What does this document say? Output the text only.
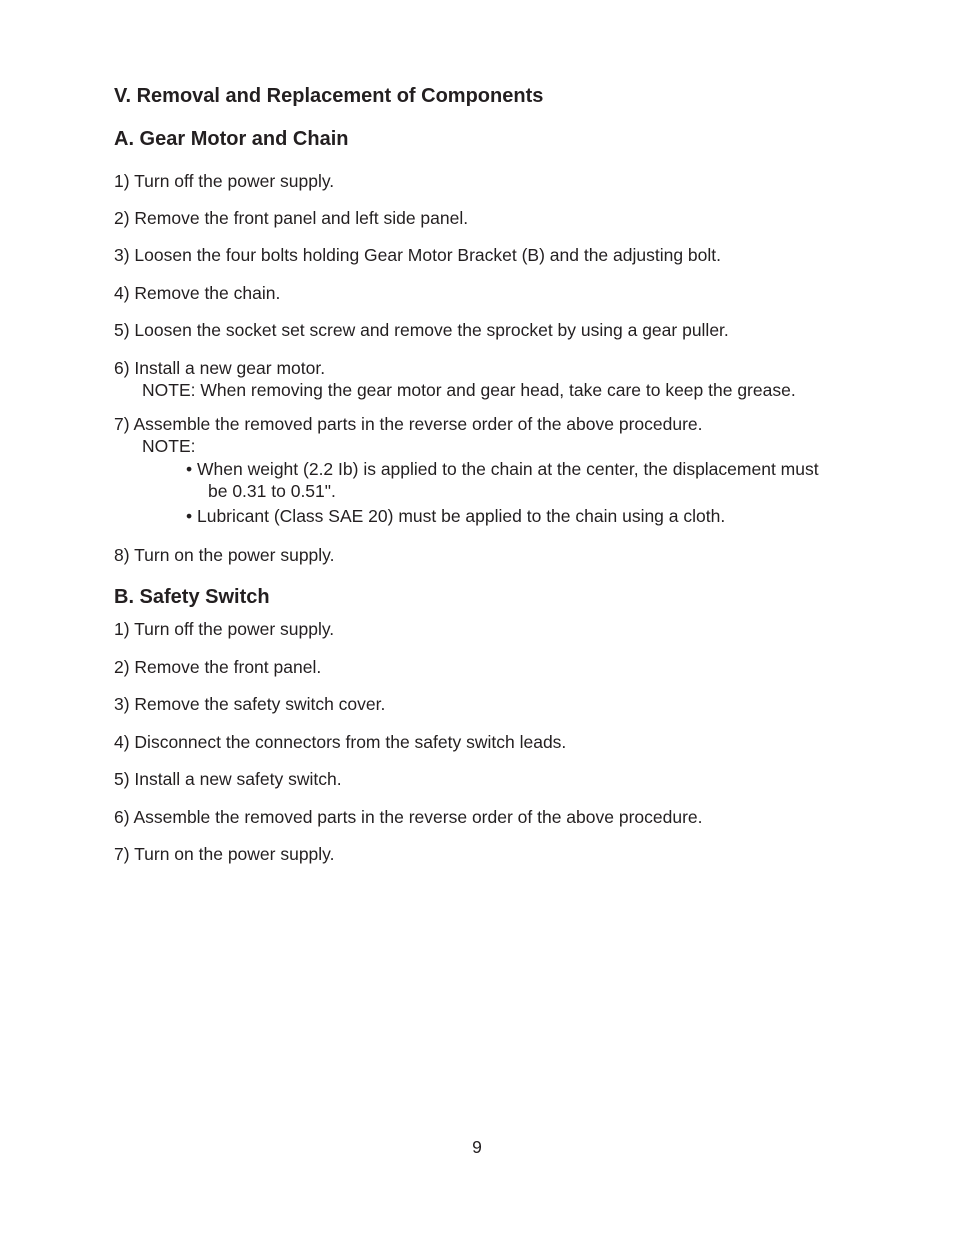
V. Removal and Replacement of Components
A. Gear Motor and Chain

1) Turn off the power supply.

2) Remove the front panel and left side panel.

3) Loosen the four bolts holding Gear Motor Bracket (B) and the adjusting bolt.

4) Remove the chain.

5) Loosen the socket set screw and remove the sprocket by using a gear puller.

6) Install a new gear motor.

NOTE: When removing the gear motor and gear head, take care to keep the grease.

7) Assemble the removed parts in the reverse order of the above procedure.

NOTE:

• When weight (2.2 Ib) is applied to the chain at the center, the displacement must

be 0.31 to 0.51".

• Lubricant (Class SAE 20) must be applied to the chain using a cloth.

8) Turn on the power supply.

B. Safety Switch

1) Turn off the power supply.

2) Remove the front panel.

3) Remove the safety switch cover.

4) Disconnect the connectors from the safety switch leads.

5) Install a new safety switch.

6) Assemble the removed parts in the reverse order of the above procedure.

7) Turn on the power supply.

9
